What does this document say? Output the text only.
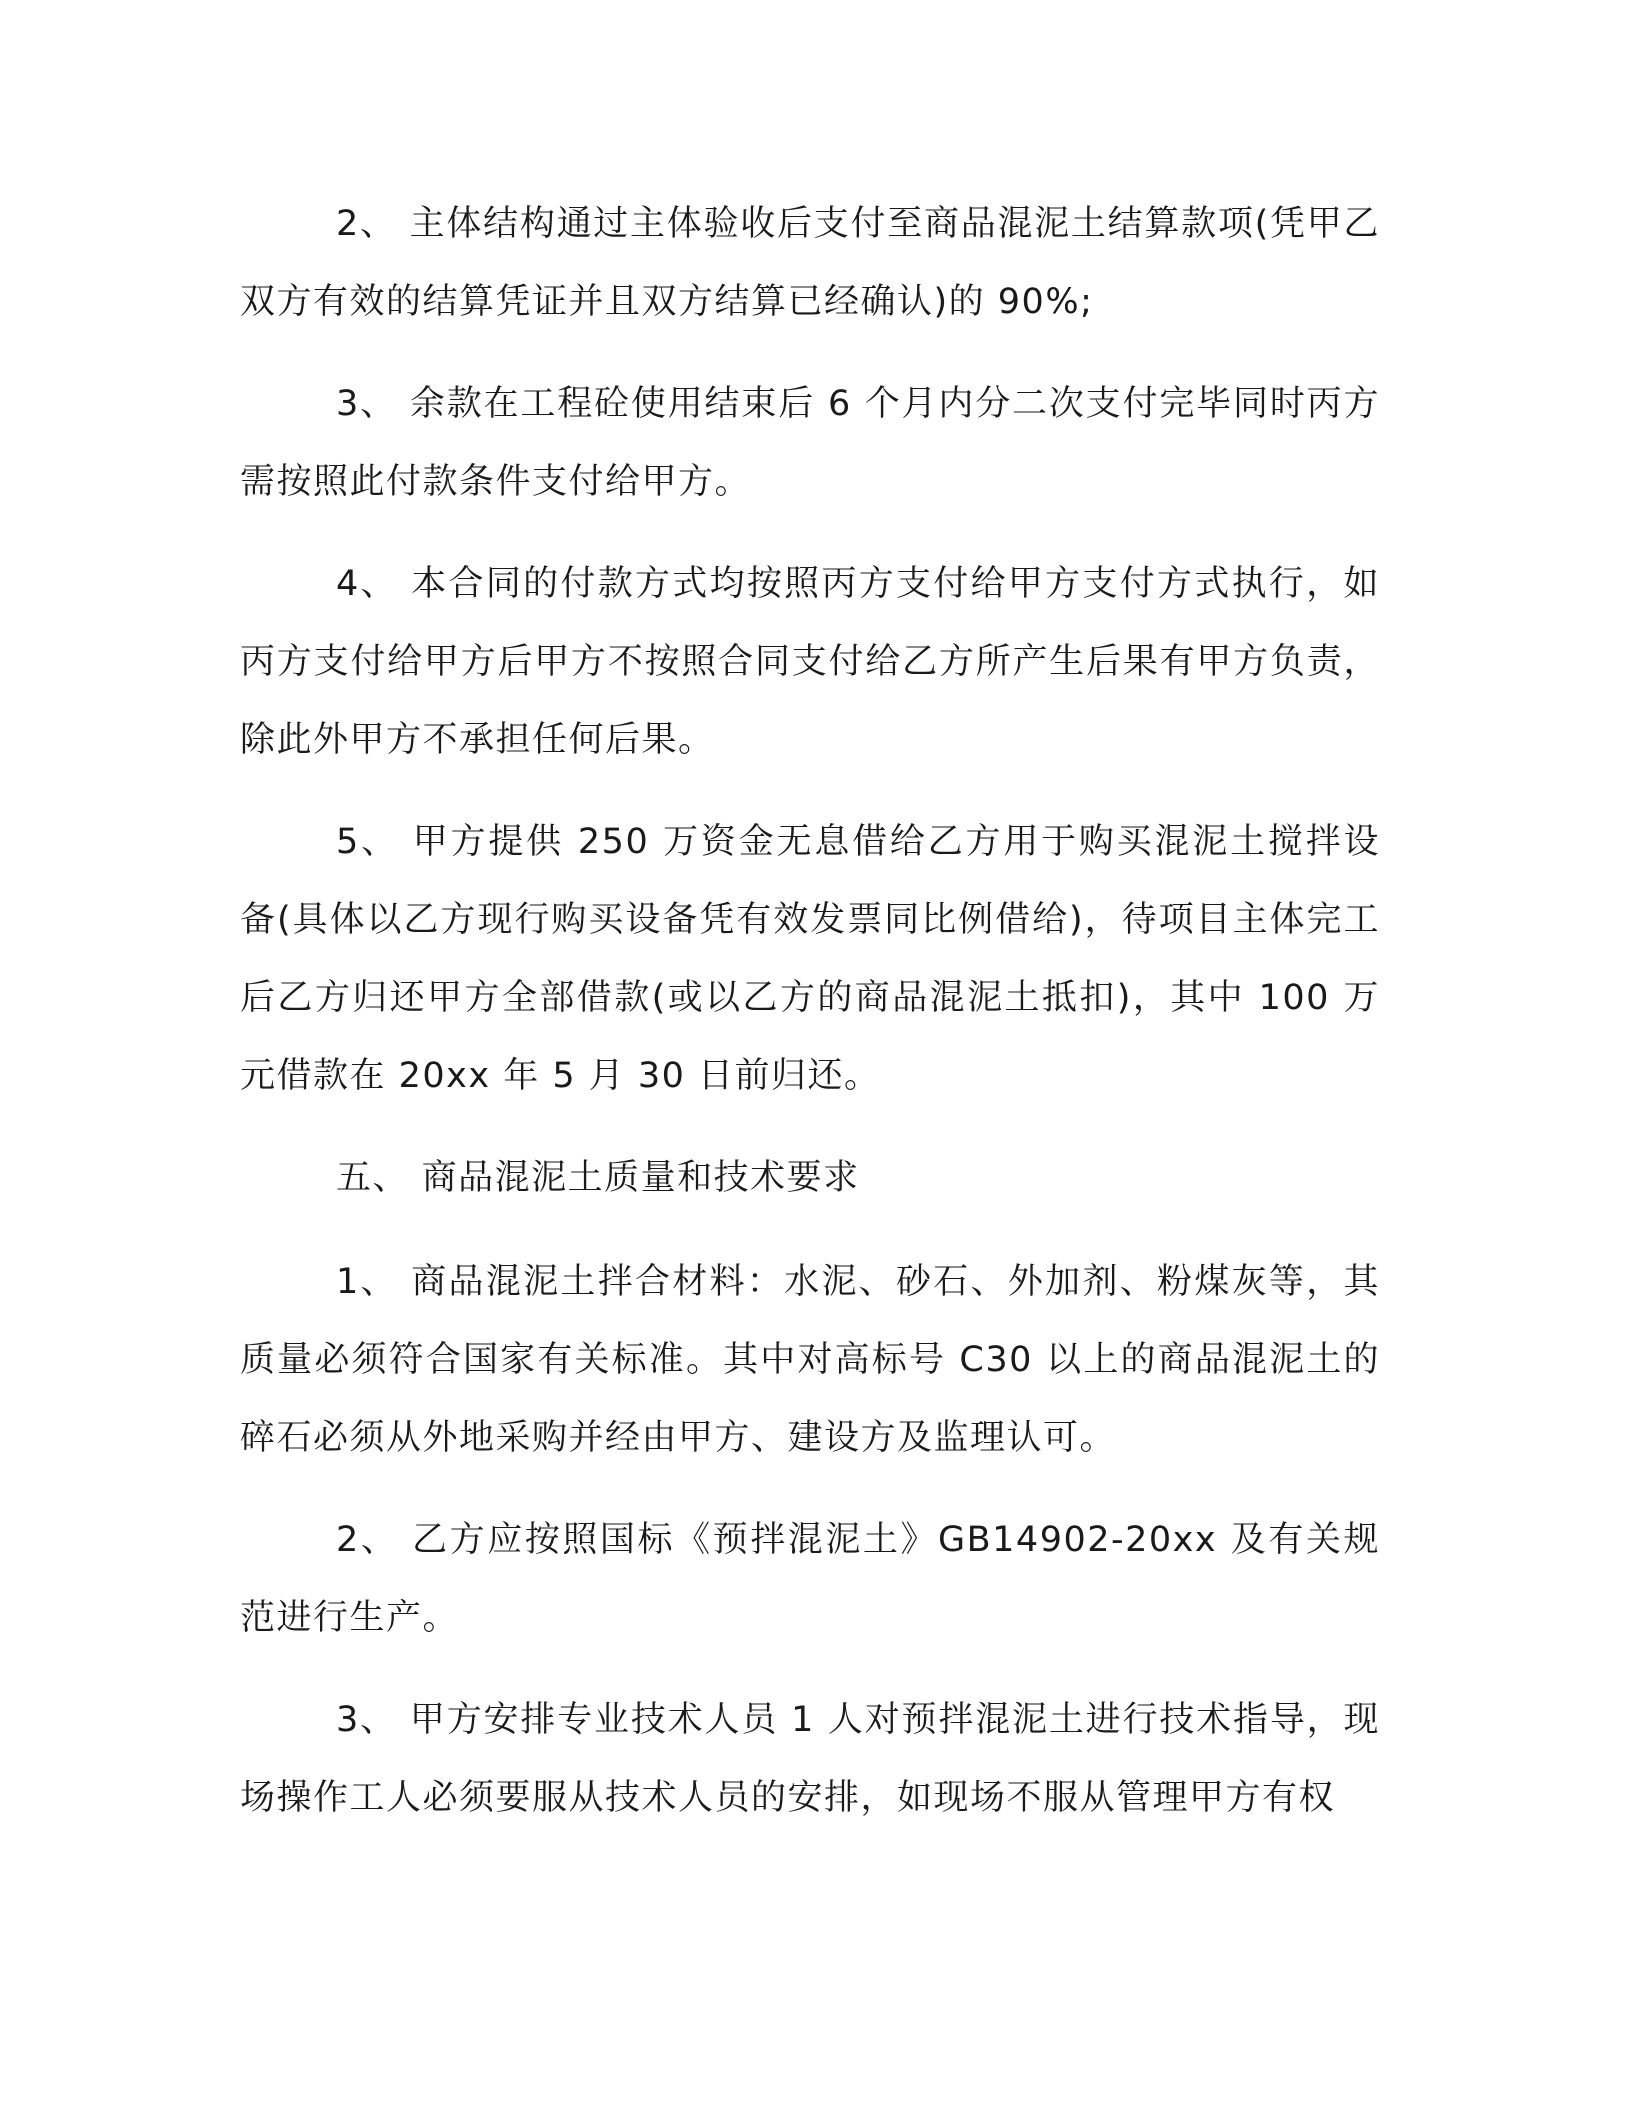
2、 主体结构通过主体验收后支付至商品混泥土结算款项(凭甲乙双方有效的结算凭证并且双方结算已经确认)的 90%;

3、 余款在工程砼使用结束后 6 个月内分二次支付完毕同时丙方需按照此付款条件支付给甲方。

4、 本合同的付款方式均按照丙方支付给甲方支付方式执行，如丙方支付给甲方后甲方不按照合同支付给乙方所产生后果有甲方负责，除此外甲方不承担任何后果。

5、 甲方提供 250 万资金无息借给乙方用于购买混泥土搅拌设备(具体以乙方现行购买设备凭有效发票同比例借给)，待项目主体完工后乙方归还甲方全部借款(或以乙方的商品混泥土抵扣)，其中 100 万元借款在 20xx 年 5 月 30 日前归还。

五、 商品混泥土质量和技术要求

1、 商品混泥土拌合材料：水泥、砂石、外加剂、粉煤灰等，其质量必须符合国家有关标准。其中对高标号 C30 以上的商品混泥土的碎石必须从外地采购并经由甲方、建设方及监理认可。

2、 乙方应按照国标《预拌混泥土》GB14902-20xx 及有关规范进行生产。

3、 甲方安排专业技术人员 1 人对预拌混泥土进行技术指导，现场操作工人必须要服从技术人员的安排，如现场不服从管理甲方有权
